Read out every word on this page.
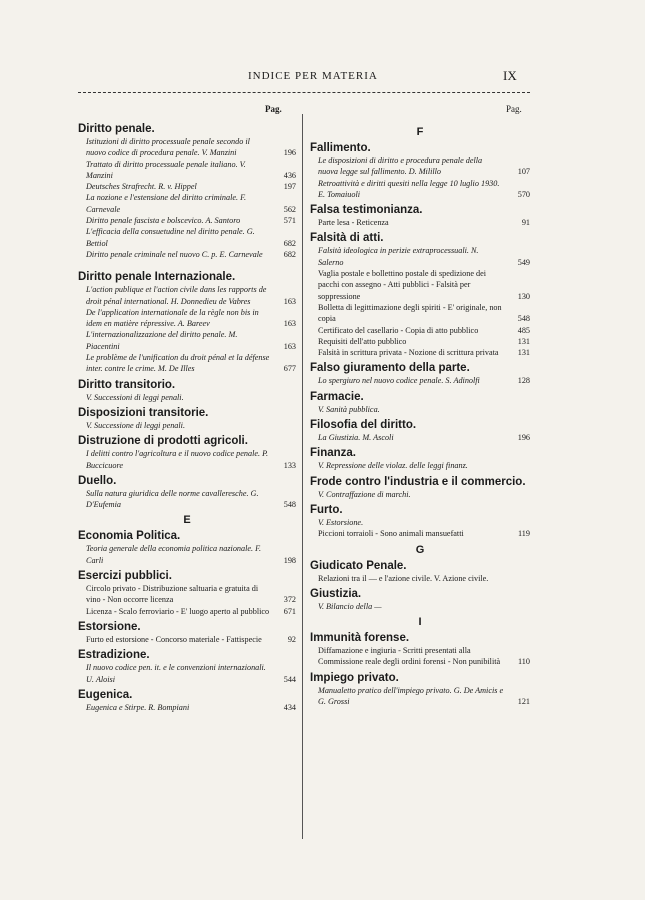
INDICE PER MATERIA	IX
Pag.	Pag.
Diritto penale.
Istituzioni di diritto processuale penale secondo il nuovo codice di procedura penale. V. Manzini	196
Trattato di diritto processuale penale italiano. V. Manzini	436
Deutsches Strafrecht. R. v. Hippel	197
La nozione e l'estensione del diritto criminale. F. Carnevale	562
Diritto penale fascista e bolscevico. A. Santoro	571
L'efficacia della consuetudine nel diritto penale. G. Bettiol	682
Diritto penale criminale nel nuovo C. p. E. Carnevale	682
Diritto penale Internazionale.
L'action publique et l'action civile dans les rapports de droit pénal international. H. Donnedieu de Vabres	163
De l'application internationale de la règle non bis in idem en matière répressive. A. Bareev	163
L'internazionalizzazione del diritto penale. M. Piacentini	163
Le problème de l'unification du droit pénal et la défense inter. contre le crime. M. De Illes	677
Diritto transitorio.
V. Successioni di leggi penali.
Disposizioni transitorie.
V. Successione di leggi penali.
Distruzione di prodotti agricoli.
I delitti contro l'agricoltura e il nuovo codice penale. P. Buccicuore	133
Duello.
Sulla natura giuridica delle norme cavalleresche. G. D'Eufemia	548
E
Economia Politica.
Teoria generale della economia politica nazionale. F. Carli	198
Esercizi pubblici.
Circolo privato - Distribuzione saltuaria e gratuita di vino - Non occorre licenza	372
Licenza - Scalo ferroviario - E' luogo aperto al pubblico 671
Estorsione.
Furto ed estorsione - Concorso materiale - Fattispecie	92
Estradizione.
Il nuovo codice pen. it. e le convenzioni internazionali. U. Aloisi	544
Eugenica.
Eugenica e Stirpe. R. Bompiani	434
F
Fallimento.
Le disposizioni di diritto e procedura penale della nuova legge sul fallimento. D. Milillo	107
Retroattività e diritti quesiti nella legge 10 luglio 1930. E. Tomaiuoli	570
Falsa testimonianza.
Parte lesa - Reticenza	91
Falsità di atti.
Falsità ideologica in perizie extraprocessuali. N. Salerno	549
Vaglia postale e bollettino postale di spedizione dei pacchi con assegno - Atti pubblici - Falsità per soppressione	130
Bolletta di legittimazione degli spiriti - E' originale, non copia	548
Certificato del casellario - Copia di atto pubblico	485
Requisiti dell'atto pubblico	131
Falsità in scrittura privata - Nozione di scrittura privata 131
Falso giuramento della parte.
Lo spergiuro nel nuovo codice penale. S. Adinolfi	128
Farmacie.
V. Sanità pubblica.
Filosofia del diritto.
La Giustizia. M. Ascoli	196
Finanza.
V. Repressione delle violaz. delle leggi finanz.
Frode contro l'industria e il commercio.
V. Contraffazione di marchi.
Furto.
V. Estorsione.
Piccioni torraioli - Sono animali mansuefatti	119
G
Giudicato Penale.
Relazioni tra il — e l'azione civile. V. Azione civile.
Giustizia.
V. Bilancio della —
I
Immunità forense.
Diffamazione e ingiuria - Scritti presentati alla Commissione reale degli ordini forensi - Non punibilità 110
Impiego privato.
Manualetto pratico dell'impiego privato. G. De Amicis e G. Grossi	121
